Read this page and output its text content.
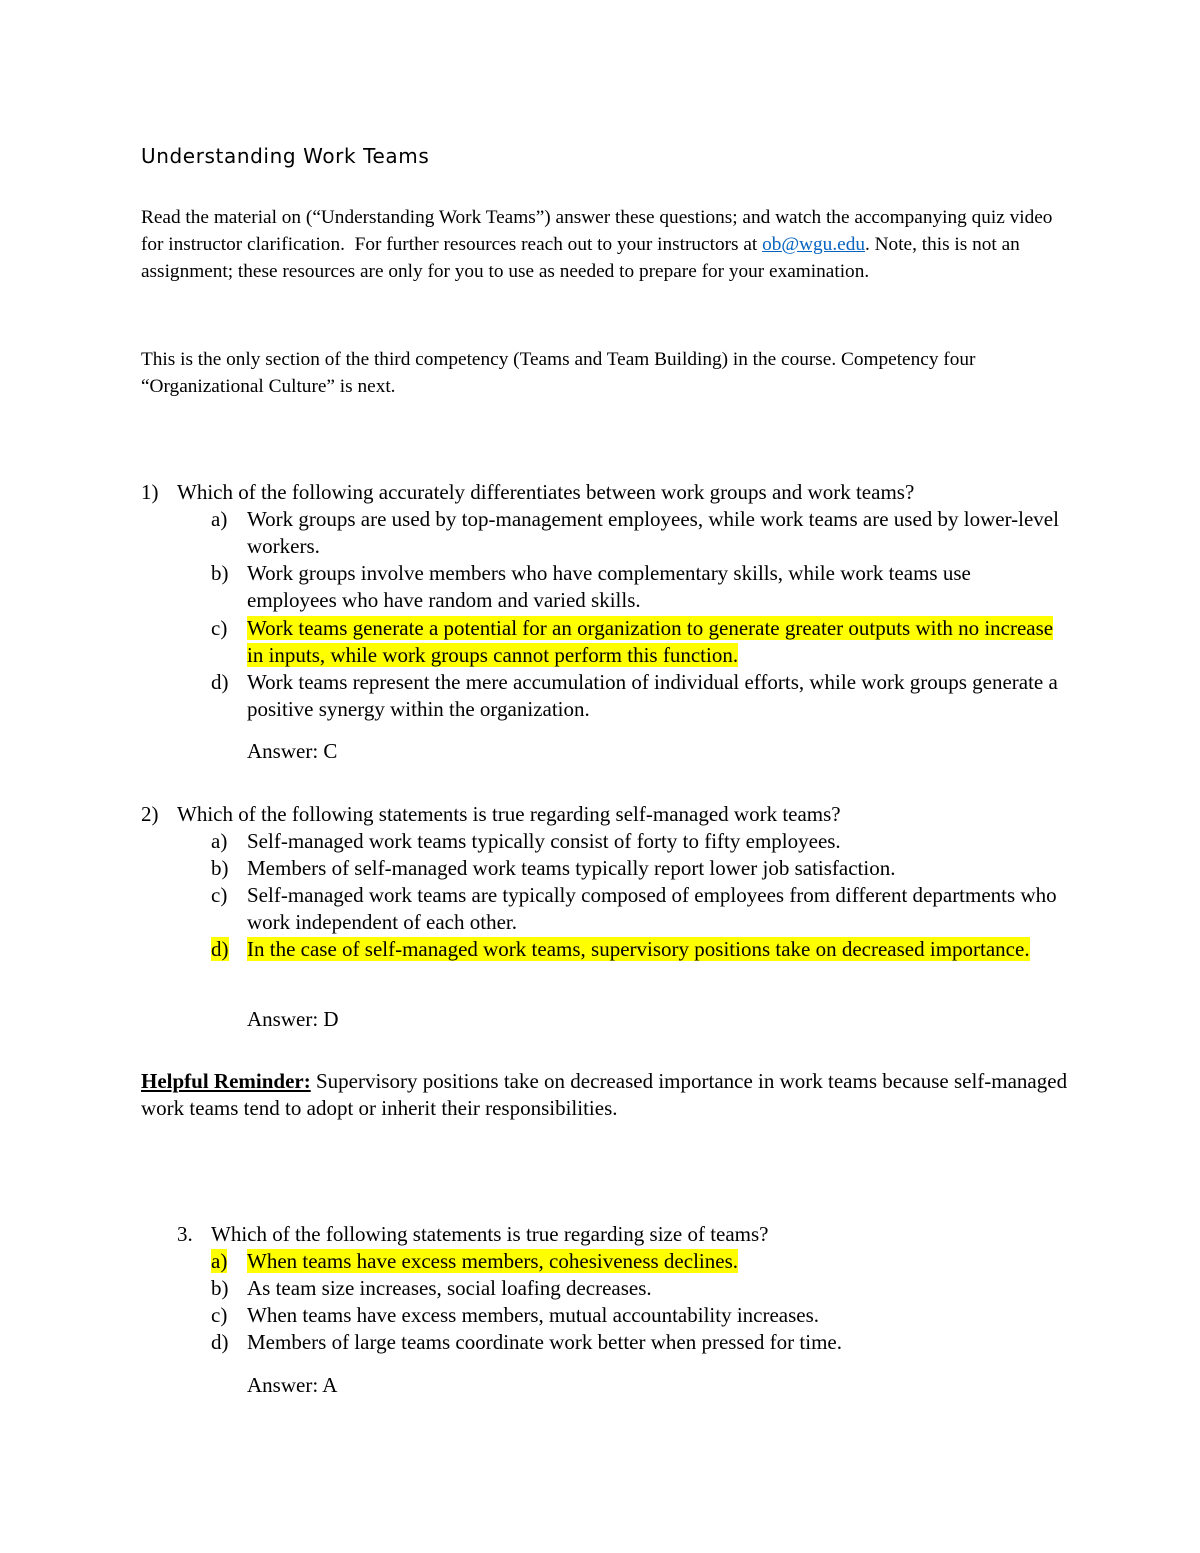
Understanding Work Teams
Read the material on (“Understanding Work Teams”) answer these questions; and watch the accompanying quiz video for instructor clarification.  For further resources reach out to your instructors at ob@wgu.edu. Note, this is not an assignment; these resources are only for you to use as needed to prepare for your examination.
This is the only section of the third competency (Teams and Team Building) in the course. Competency four “Organizational Culture” is next.
1) Which of the following accurately differentiates between work groups and work teams?
a) Work groups are used by top-management employees, while work teams are used by lower-level workers.
b) Work groups involve members who have complementary skills, while work teams use employees who have random and varied skills.
c) Work teams generate a potential for an organization to generate greater outputs with no increase in inputs, while work groups cannot perform this function.
d) Work teams represent the mere accumulation of individual efforts, while work groups generate a positive synergy within the organization.
Answer: C
2) Which of the following statements is true regarding self-managed work teams?
a) Self-managed work teams typically consist of forty to fifty employees.
b) Members of self-managed work teams typically report lower job satisfaction.
c) Self-managed work teams are typically composed of employees from different departments who work independent of each other.
d) In the case of self-managed work teams, supervisory positions take on decreased importance.
Answer: D
Helpful Reminder: Supervisory positions take on decreased importance in work teams because self-managed work teams tend to adopt or inherit their responsibilities.
3. Which of the following statements is true regarding size of teams?
a) When teams have excess members, cohesiveness declines.
b) As team size increases, social loafing decreases.
c) When teams have excess members, mutual accountability increases.
d) Members of large teams coordinate work better when pressed for time.
Answer: A
